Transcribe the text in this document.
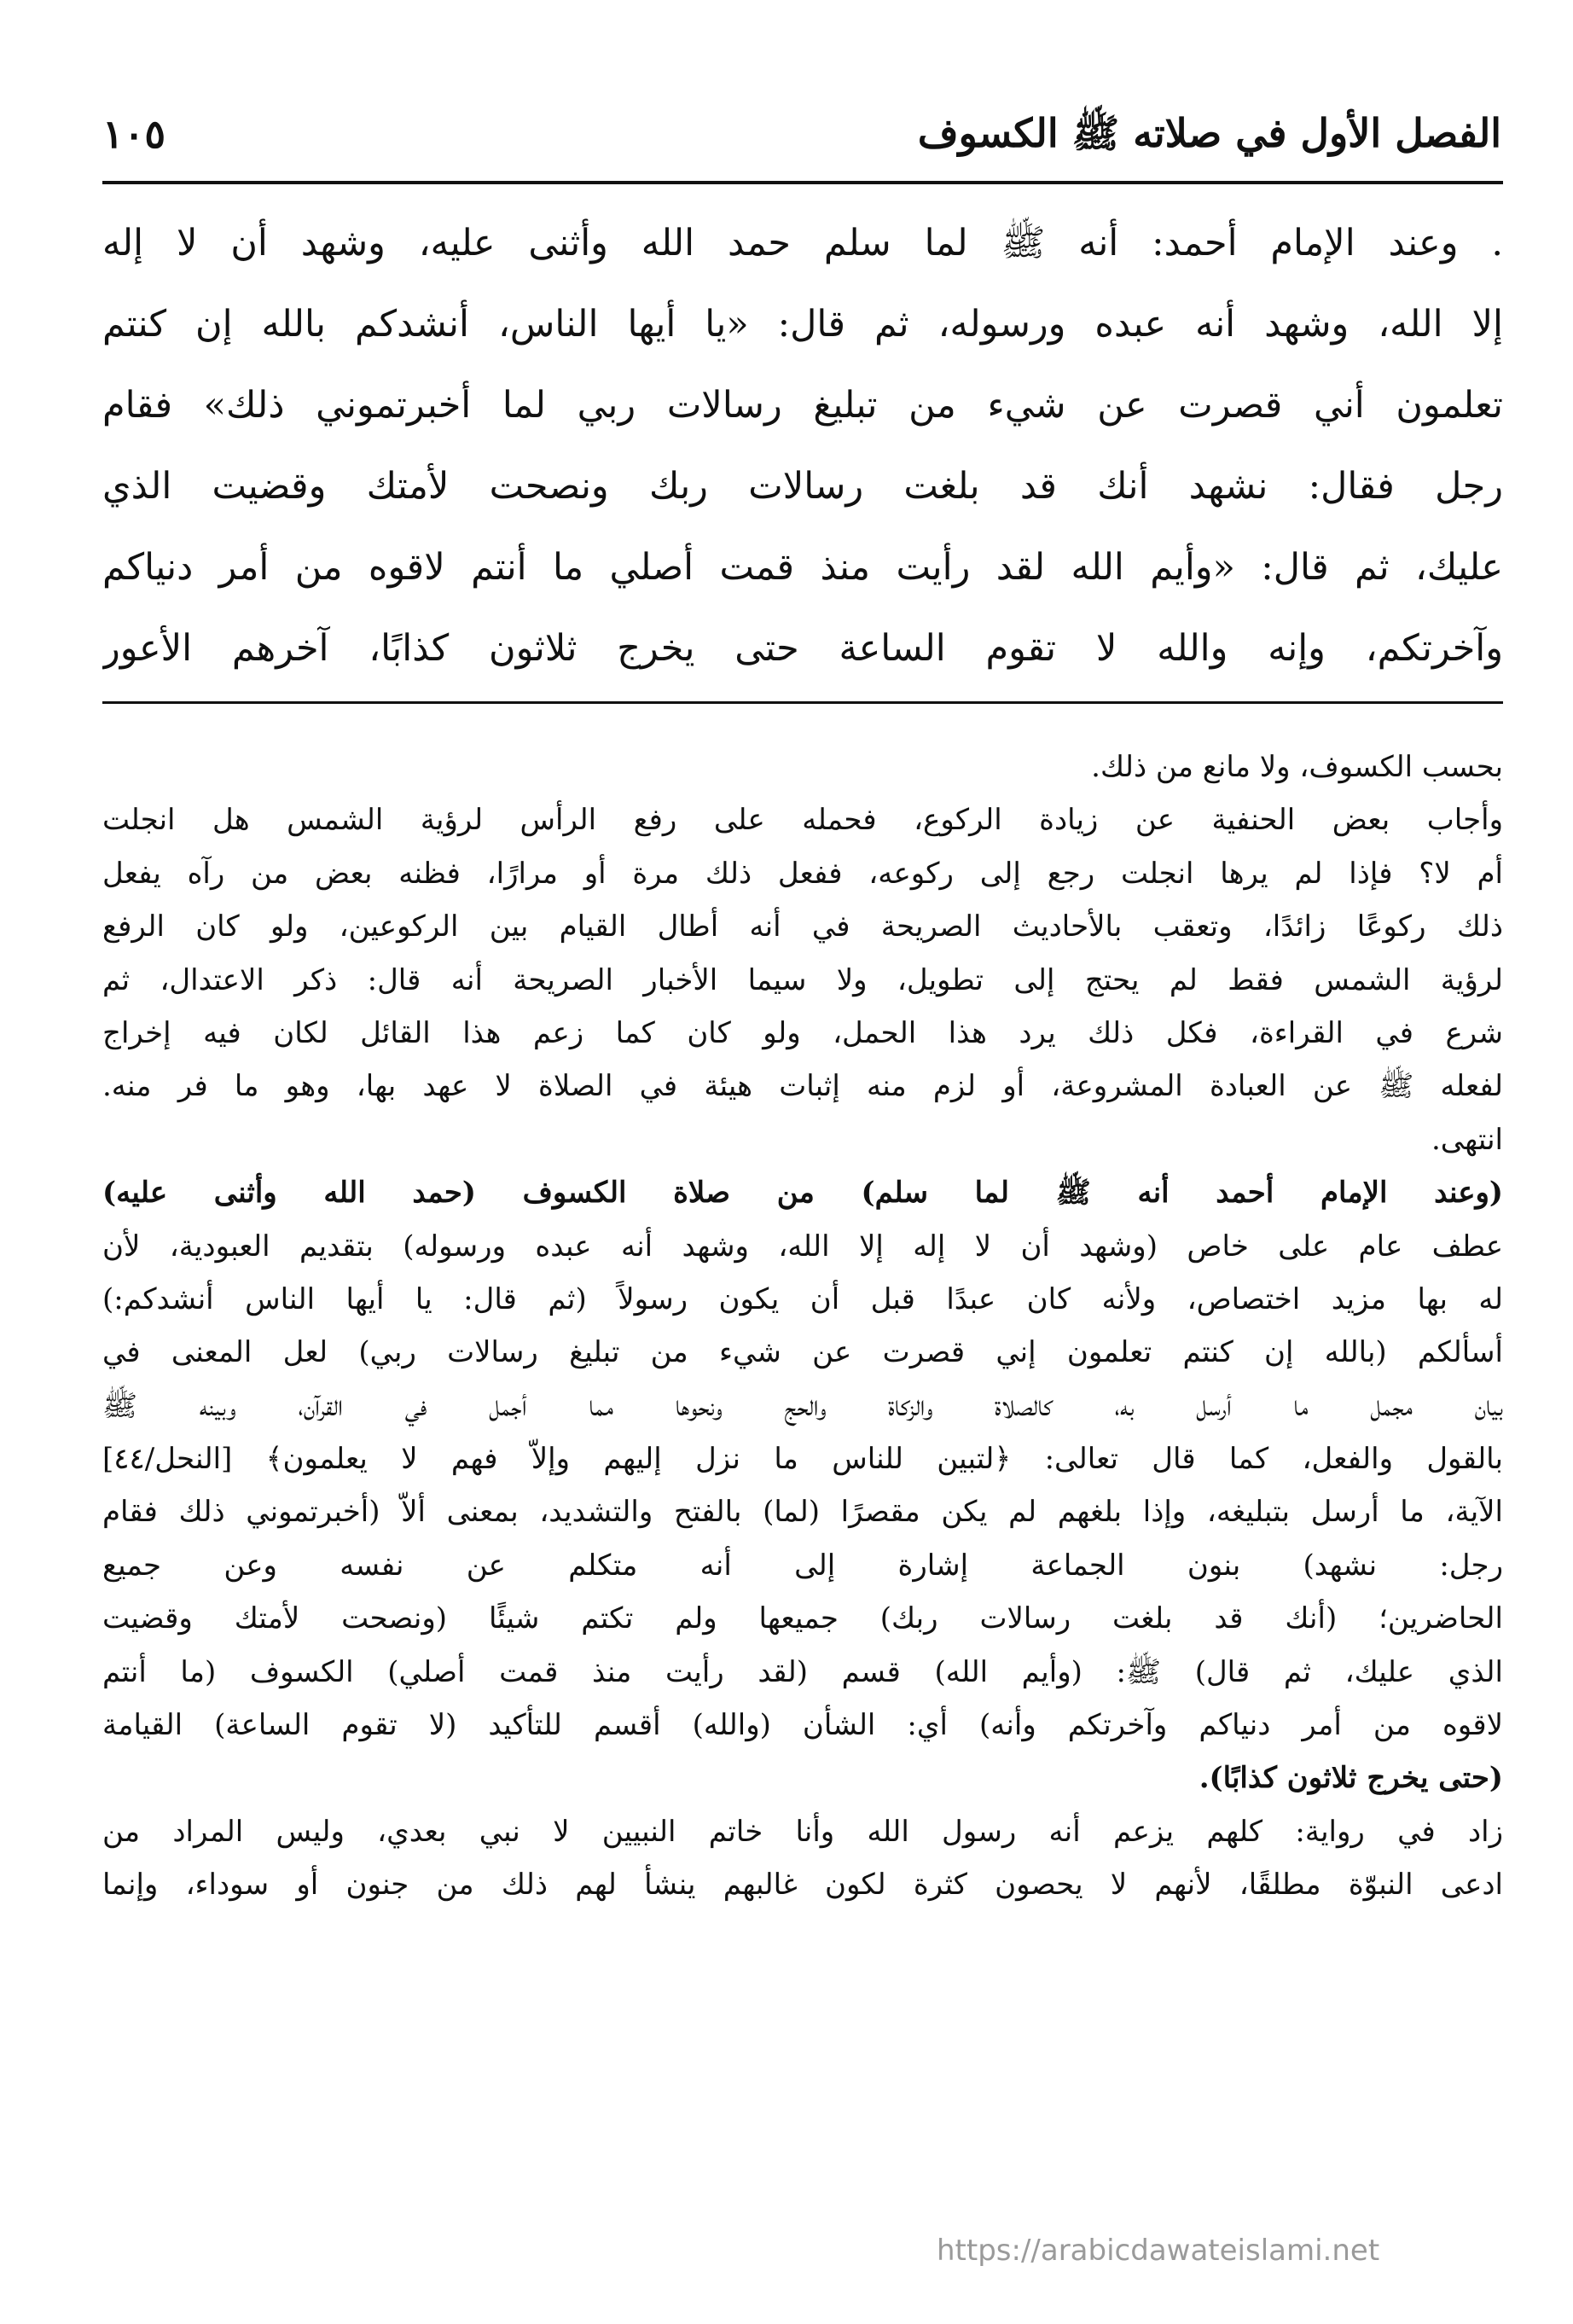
الفصل الأول في صلاته ﷺ الكسوف
١٠٥
. وعند الإمام أحمد: أنه ﷺ لما سلم حمد الله وأثنى عليه، وشهد أن لا إله
إلا الله، وشهد أنه عبده ورسوله، ثم قال: «يا أيها الناس، أنشدكم بالله إن كنتم
تعلمون أني قصرت عن شيء من تبليغ رسالات ربي لما أخبرتموني ذلك» فقام
رجل فقال: نشهد أنك قد بلغت رسالات ربك ونصحت لأمتك وقضيت الذي
عليك، ثم قال: «وأيم الله لقد رأيت منذ قمت أصلي ما أنتم لاقوه من أمر دنياكم
وآخرتكم، وإنه والله لا تقوم الساعة حتى يخرج ثلاثون كذابًا، آخرهم الأعور
بحسب الكسوف، ولا مانع من ذلك.
وأجاب بعض الحنفية عن زيادة الركوع، فحمله على رفع الرأس لرؤية الشمس هل انجلت
أم لا؟ فإذا لم يرها انجلت رجع إلى ركوعه، ففعل ذلك مرة أو مرارًا، فظنه بعض من رآه يفعل
ذلك ركوعًا زائدًا، وتعقب بالأحاديث الصريحة في أنه أطال القيام بين الركوعين، ولو كان الرفع
لرؤية الشمس فقط لم يحتج إلى تطويل، ولا سيما الأخبار الصريحة أنه قال: ذكر الاعتدال، ثم
شرع في القراءة، فكل ذلك يرد هذا الحمل، ولو كان كما زعم هذا القائل لكان فيه إخراج
لفعله ﷺ عن العبادة المشروعة، أو لزم منه إثبات هيئة في الصلاة لا عهد بها، وهو ما فر منه.
انتهى.
(وعند الإمام أحمد أنه ﷺ لما سلم) من صلاة الكسوف (حمد الله وأثنى عليه)
عطف عام على خاص (وشهد أن لا إله إلا الله، وشهد أنه عبده ورسوله) بتقديم العبودية، لأن
له بها مزيد اختصاص، ولأنه كان عبدًا قبل أن يكون رسولاً (ثم قال: يا أيها الناس أنشدكم:)
أسألكم (بالله إن كنتم تعلمون إني قصرت عن شيء من تبليغ رسالات ربي) لعل المعنى في
بيان مجمل ما أرسل به، كالصلاة والزكاة والحج ونحوها مما أجمل في القرآن، وبينه ﷺ
بالقول والفعل، كما قال تعالى: ﴿لتبين للناس ما نزل إليهم وإلاّ فهم لا يعلمون﴾ [النحل/٤٤]
الآية، ما أرسل بتبليغه، وإذا بلغهم لم يكن مقصرًا (لما) بالفتح والتشديد، بمعنى ألاّ (أخبرتموني ذلك فقام
رجل: نشهد) بنون الجماعة إشارة إلى أنه متكلم عن نفسه وعن جميع
الحاضرين؛ (أنك قد بلغت رسالات ربك) جميعها ولم تكتم شيئًا (ونصحت لأمتك وقضيت
الذي عليك، ثم قال) ﷺ: (وأيم الله) قسم (لقد رأيت منذ قمت أصلي) الكسوف (ما أنتم
لاقوه من أمر دنياكم وآخرتكم وأنه) أي: الشأن (والله) أقسم للتأكيد (لا تقوم الساعة) القيامة
(حتى يخرج ثلاثون كذابًا).
زاد في رواية: كلهم يزعم أنه رسول الله وأنا خاتم النبيين لا نبي بعدي، وليس المراد من
ادعى النبوّة مطلقًا، لأنهم لا يحصون كثرة لكون غالبهم ينشأ لهم ذلك من جنون أو سوداء، وإنما
https://arabicdawateislami.net
